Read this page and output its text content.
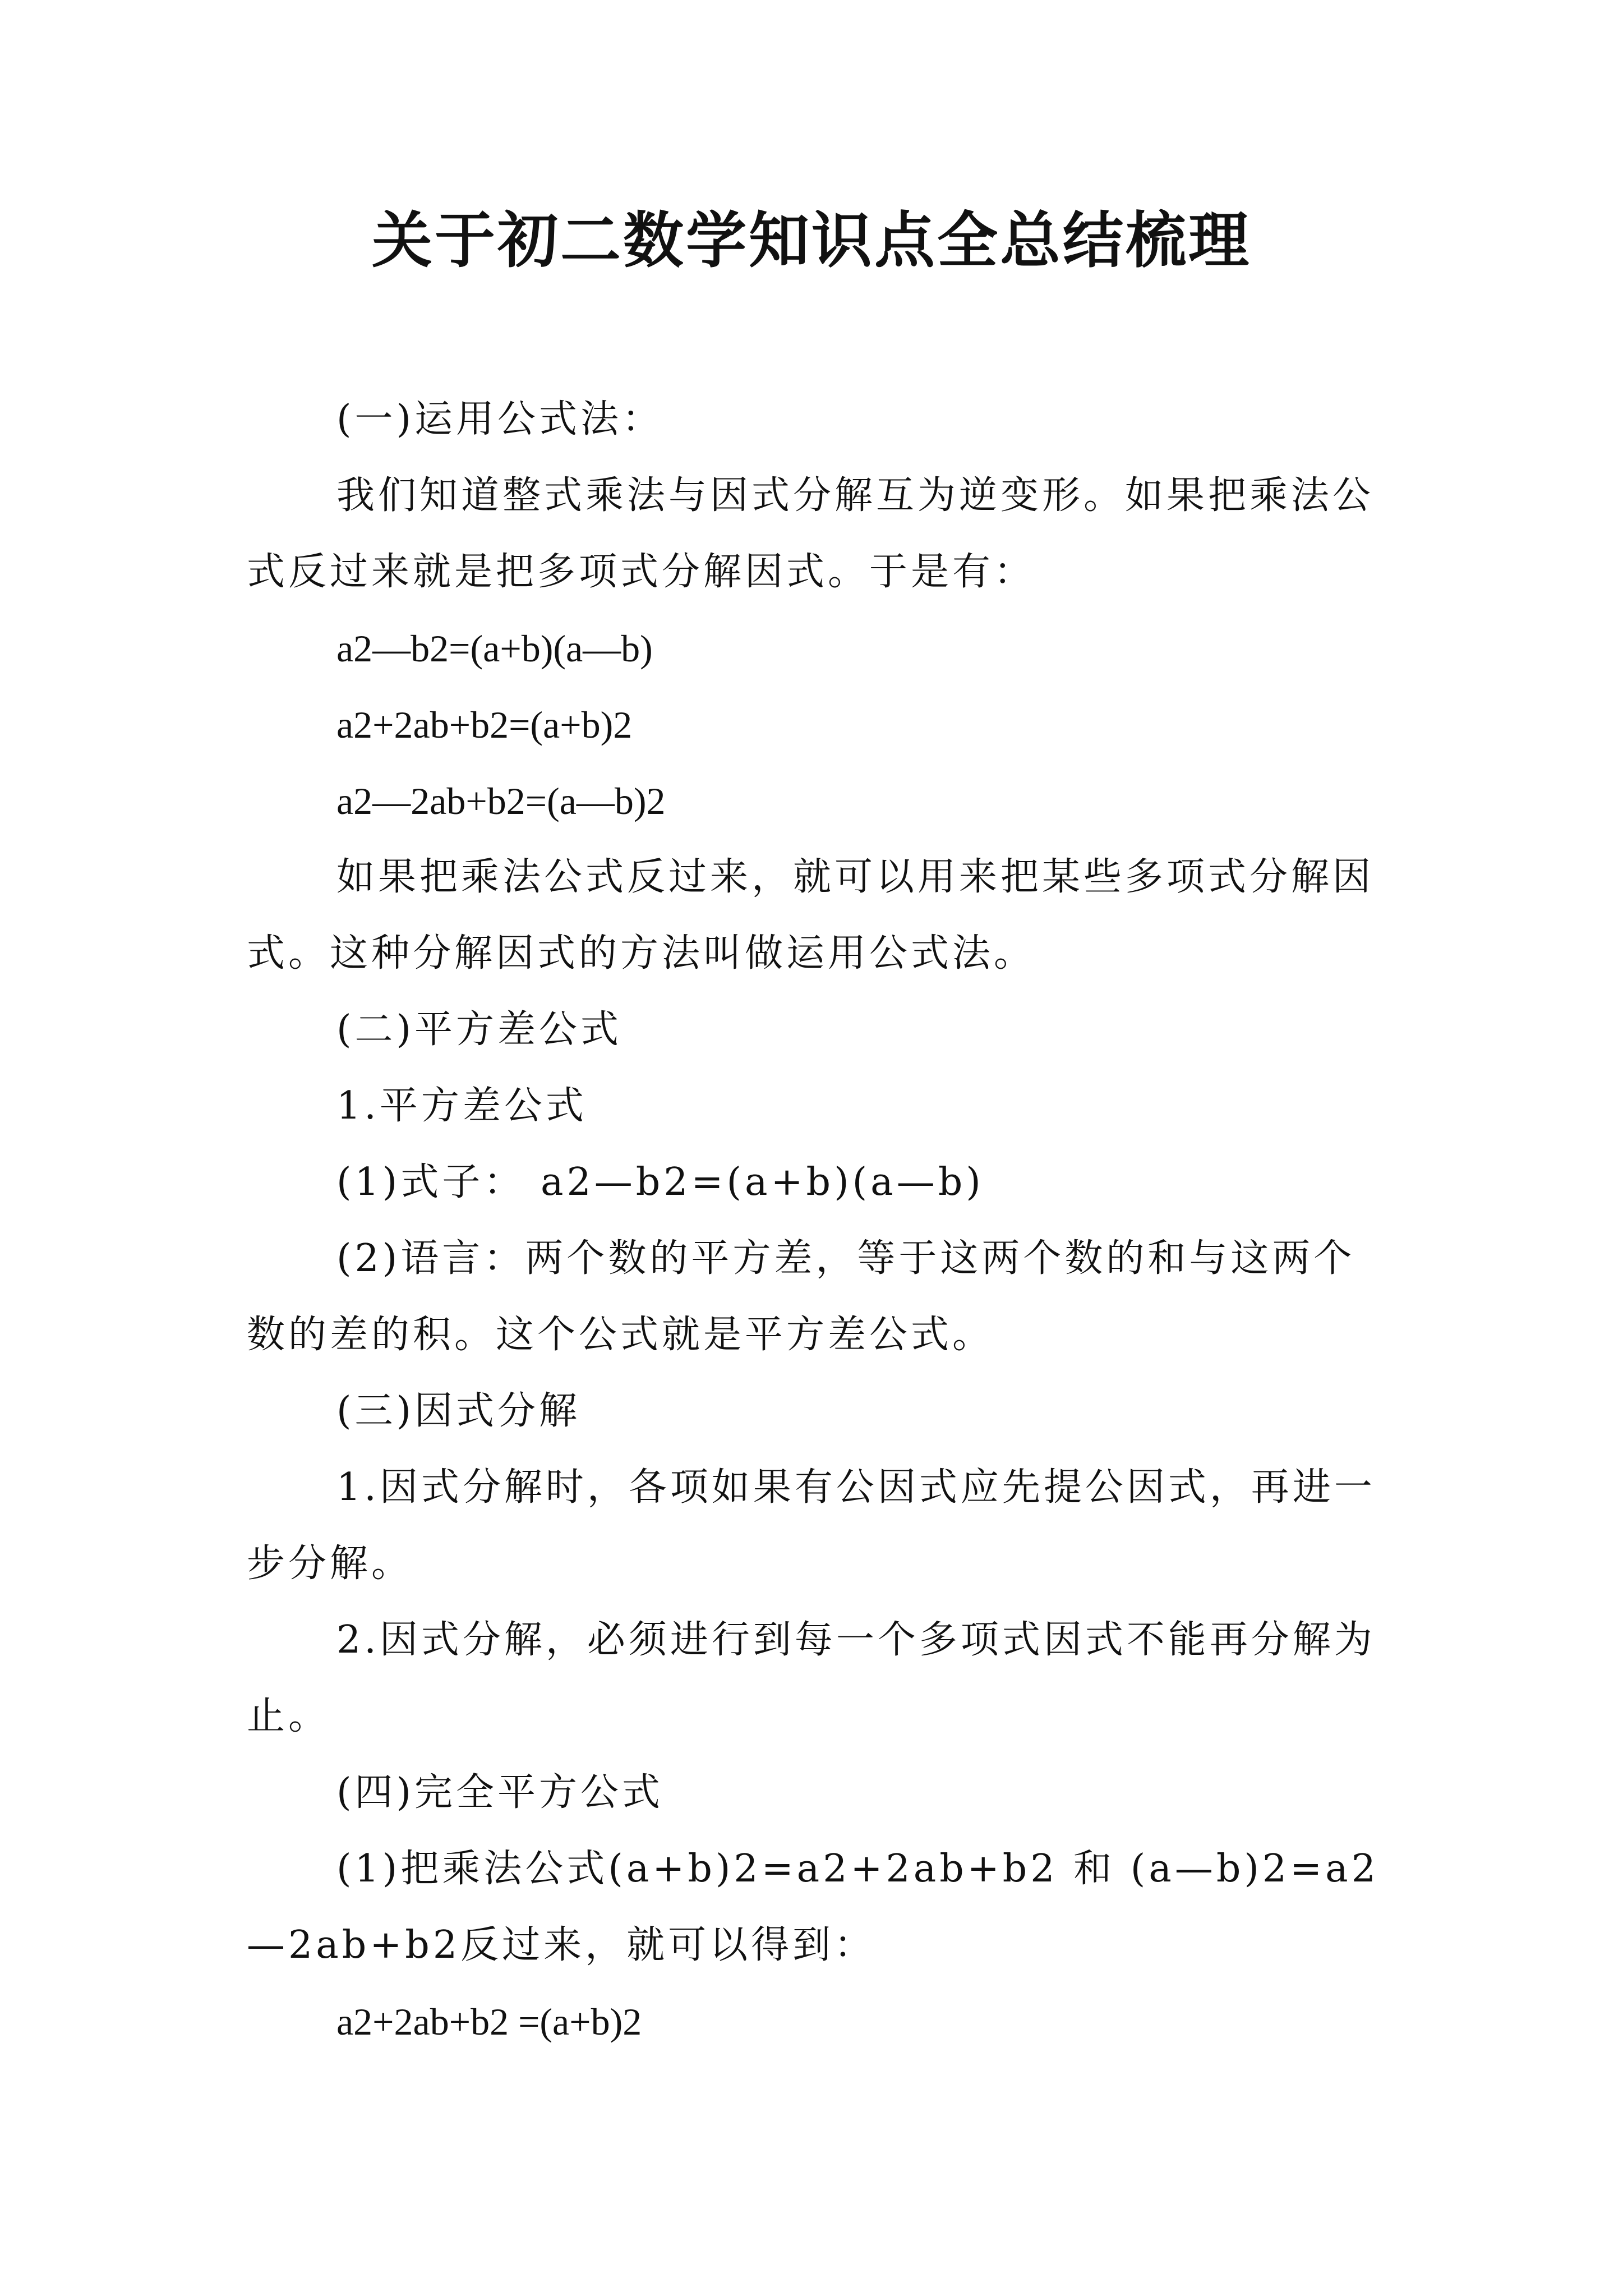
关于初二数学知识点全总结梳理

(一)运用公式法：

我们知道整式乘法与因式分解互为逆变形。如果把乘法公式反过来就是把多项式分解因式。于是有：

a2—b2=(a+b)(a—b)

a2+2ab+b2=(a+b)2

a2—2ab+b2=(a—b)2

如果把乘法公式反过来，就可以用来把某些多项式分解因式。这种分解因式的方法叫做运用公式法。

(二)平方差公式

1.平方差公式

(1)式子： a2—b2=(a+b)(a—b)

(2)语言：两个数的平方差，等于这两个数的和与这两个数的差的积。这个公式就是平方差公式。

(三)因式分解

1.因式分解时，各项如果有公因式应先提公因式，再进一步分解。

2.因式分解，必须进行到每一个多项式因式不能再分解为止。

(四)完全平方公式

(1)把乘法公式(a+b)2=a2+2ab+b2 和 (a—b)2=a2—2ab+b2反过来，就可以得到：

a2+2ab+b2 =(a+b)2
